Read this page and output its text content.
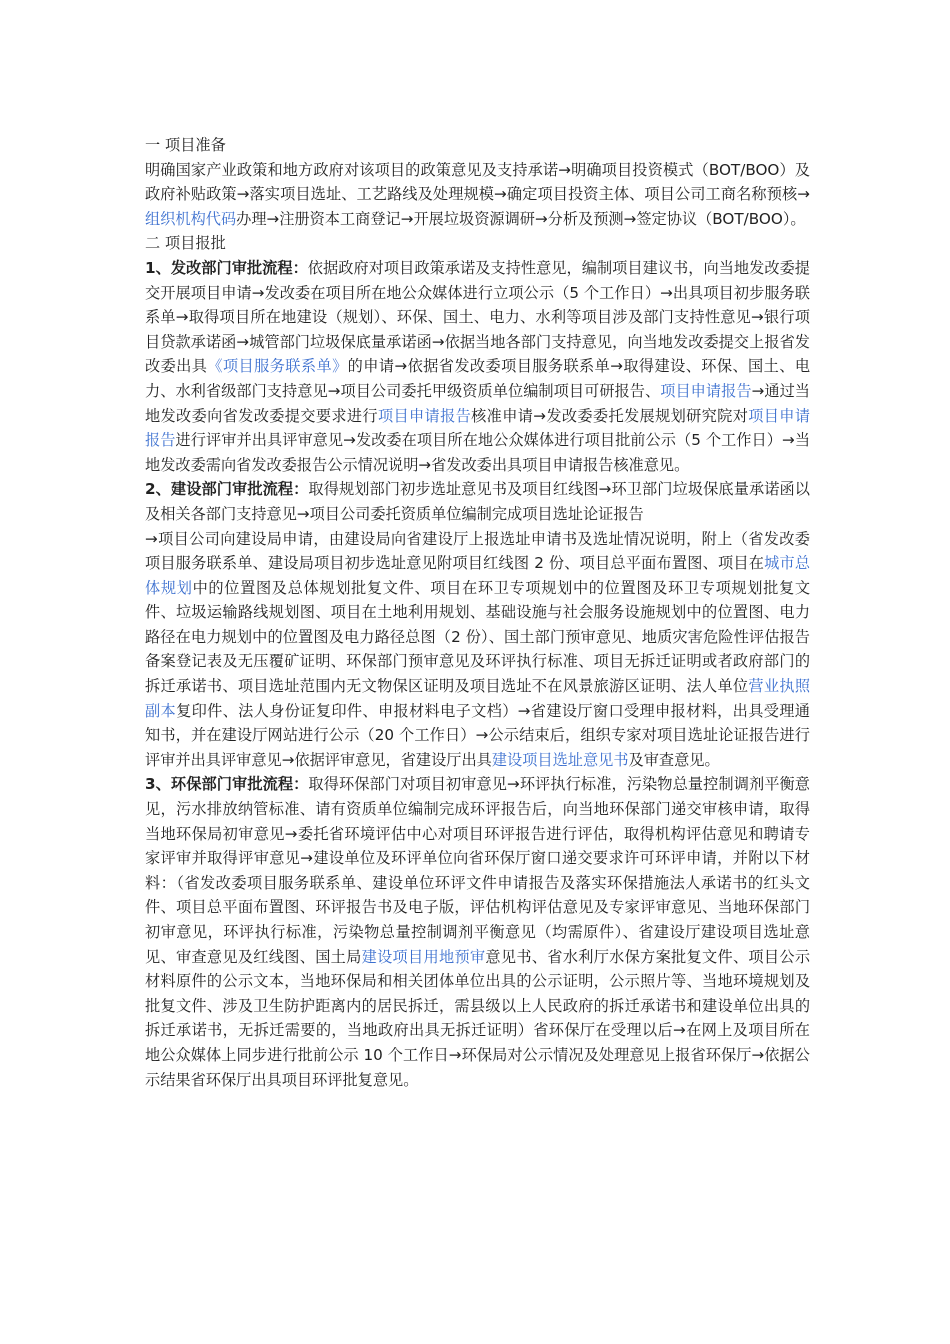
一 项目准备

明确国家产业政策和地方政府对该项目的政策意见及支持承诺→明确项目投资模式（BOT/BOO）及政府补贴政策→落实项目选址、工艺路线及处理规模→确定项目投资主体、项目公司工商名称预核→组织机构代码办理→注册资本工商登记→开展垃圾资源调研→分析及预测→签定协议（BOT/BOO）。

二 项目报批

1、发改部门审批流程：依据政府对项目政策承诺及支持性意见，编制项目建议书，向当地发改委提交开展项目申请→发改委在项目所在地公众媒体进行立项公示（5 个工作日）→出具项目初步服务联系单→取得项目所在地建设（规划）、环保、国土、电力、水利等项目涉及部门支持性意见→银行项目贷款承诺函→城管部门垃圾保底量承诺函→依据当地各部门支持意见，向当地发改委提交上报省发改委出具《项目服务联系单》的申请→依据省发改委项目服务联系单→取得建设、环保、国土、电力、水利省级部门支持意见→项目公司委托甲级资质单位编制项目可研报告、项目申请报告→通过当地发改委向省发改委提交要求进行项目申请报告核准申请→发改委委托发展规划研究院对项目申请报告进行评审并出具评审意见→发改委在项目所在地公众媒体进行项目批前公示（5 个工作日）→当地发改委需向省发改委报告公示情况说明→省发改委出具项目申请报告核准意见。

2、建设部门审批流程：取得规划部门初步选址意见书及项目红线图→环卫部门垃圾保底量承诺函以及相关各部门支持意见→项目公司委托资质单位编制完成项目选址论证报告

→项目公司向建设局申请，由建设局向省建设厅上报选址申请书及选址情况说明，附上（省发改委项目服务联系单、建设局项目初步选址意见附项目红线图 2 份、项目总平面布置图、项目在城市总体规划中的位置图及总体规划批复文件、项目在环卫专项规划中的位置图及环卫专项规划批复文件、垃圾运输路线规划图、项目在土地利用规划、基础设施与社会服务设施规划中的位置图、电力路径在电力规划中的位置图及电力路径总图（2 份）、国土部门预审意见、地质灾害危险性评估报告备案登记表及无压覆矿证明、环保部门预审意见及环评执行标准、项目无拆迁证明或者政府部门的拆迁承诺书、项目选址范围内无文物保区证明及项目选址不在风景旅游区证明、法人单位营业执照副本复印件、法人身份证复印件、申报材料电子文档）→省建设厅窗口受理申报材料，出具受理通知书，并在建设厅网站进行公示（20 个工作日）→公示结束后，组织专家对项目选址论证报告进行评审并出具评审意见→依据评审意见，省建设厅出具建设项目选址意见书及审查意见。

3、环保部门审批流程：取得环保部门对项目初审意见→环评执行标准，污染物总量控制调剂平衡意见，污水排放纳管标准、请有资质单位编制完成环评报告后，向当地环保部门递交审核申请，取得当地环保局初审意见→委托省环境评估中心对项目环评报告进行评估，取得机构评估意见和聘请专家评审并取得评审意见→建设单位及环评单位向省环保厅窗口递交要求许可环评申请，并附以下材料：（省发改委项目服务联系单、建设单位环评文件申请报告及落实环保措施法人承诺书的红头文件、项目总平面布置图、环评报告书及电子版，评估机构评估意见及专家评审意见、当地环保部门初审意见，环评执行标准，污染物总量控制调剂平衡意见（均需原件）、省建设厅建设项目选址意见、审查意见及红线图、国土局建设项目用地预审意见书、省水利厅水保方案批复文件、项目公示材料原件的公示文本，当地环保局和相关团体单位出具的公示证明，公示照片等、当地环境规划及批复文件、涉及卫生防护距离内的居民拆迁，需县级以上人民政府的拆迁承诺书和建设单位出具的拆迁承诺书，无拆迁需要的，当地政府出具无拆迁证明）省环保厅在受理以后→在网上及项目所在地公众媒体上同步进行批前公示 10 个工作日→环保局对公示情况及处理意见上报省环保厅→依据公示结果省环保厅出具项目环评批复意见。
